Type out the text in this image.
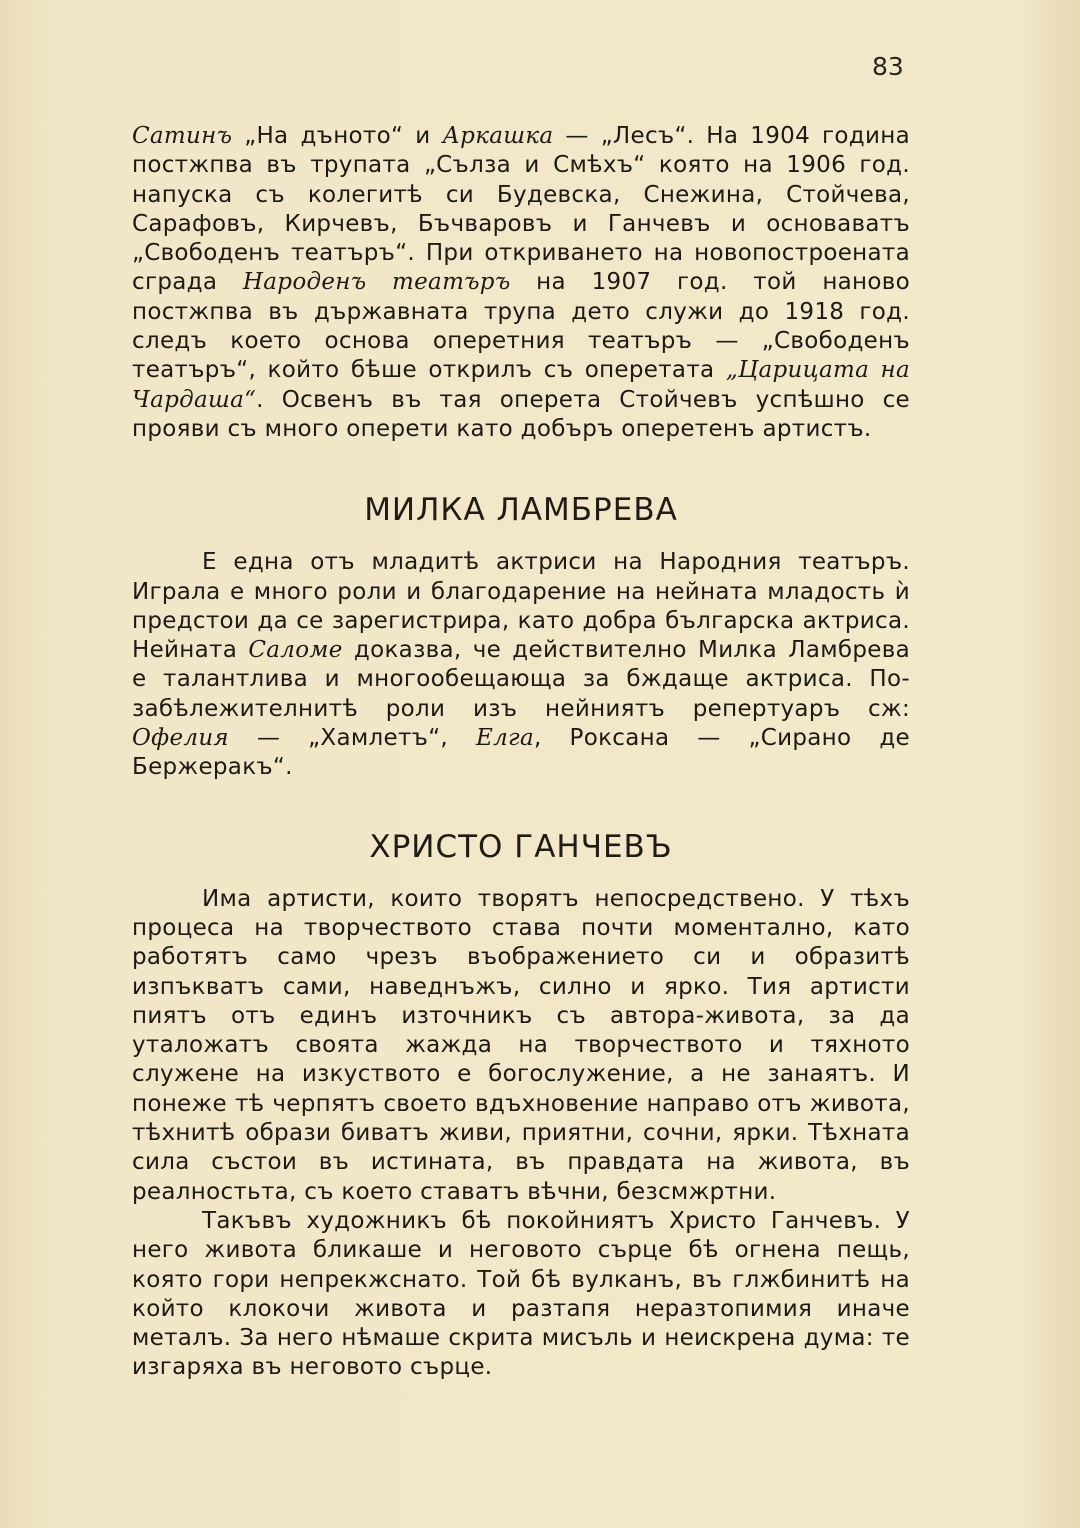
83

Сатинъ „На дъното“ и Аркашка — „Лесъ“. На 1904 година постжпва въ трупата „Сълза и Смѣхъ“ която на 1906 год. напуска съ колегитѣ си Будевска, Снежина, Стойчева, Сарафовъ, Кирчевъ, Бъчваровъ и Ганчевъ и основаватъ „Свободенъ театъръ“. При откриването на новопостроената сграда Народенъ театъръ на 1907 год. той наново постжпва въ държавната трупа дето служи до 1918 год. следъ което основа оперетния театъръ — „Свободенъ театъръ“, който бѣше открилъ съ оперетата „Царицата на Чардаша“. Освенъ въ тая оперета Стойчевъ успѣшно се прояви съ много оперети като добъръ оперетенъ артистъ.

МИЛКА ЛАМБРЕВА

Е една отъ младитѣ актриси на Народния театъръ. Играла е много роли и благодарение на нейната младость ѝ предстои да се зарегистрира, като добра българска актриса. Нейната Саломе доказва, че действително Милка Ламбрева е талантлива и многообещающа за бждаще актриса. По-забѣлежителнитѣ роли изъ нейниятъ репертуаръ сж: Офелия — „Хамлетъ“, Елга, Роксана — „Сирано де Бержеракъ“.

ХРИСТО ГАНЧЕВЪ

Има артисти, които творятъ непосредствено. У тѣхъ процеса на творчеството става почти моментално, като работятъ само чрезъ въображението си и образитѣ изпъкватъ сами, наведнъжъ, силно и ярко. Тия артисти пиятъ отъ единъ източникъ съ автора-живота, за да уталожатъ своята жажда на творчеството и тяхното служене на изкуството е богослужение, а не занаятъ. И понеже тѣ черпятъ своето вдъхновение направо отъ живота, тѣхнитѣ образи биватъ живи, приятни, сочни, ярки. Тѣхната сила състои въ истината, въ правдата на живота, въ реалностьта, съ което ставатъ вѣчни, безсмжртни.

Такъвъ художникъ бѣ покойниятъ Христо Ганчевъ. У него живота бликаше и неговото сърце бѣ огнена пещь, която гори непрекжснато. Той бѣ вулканъ, въ глжбинитѣ на който клокочи живота и разтапя неразтопимия иначе металъ. За него нѣмаше скрита мисъль и неискрена дума: те изгаряха въ неговото сърце.
